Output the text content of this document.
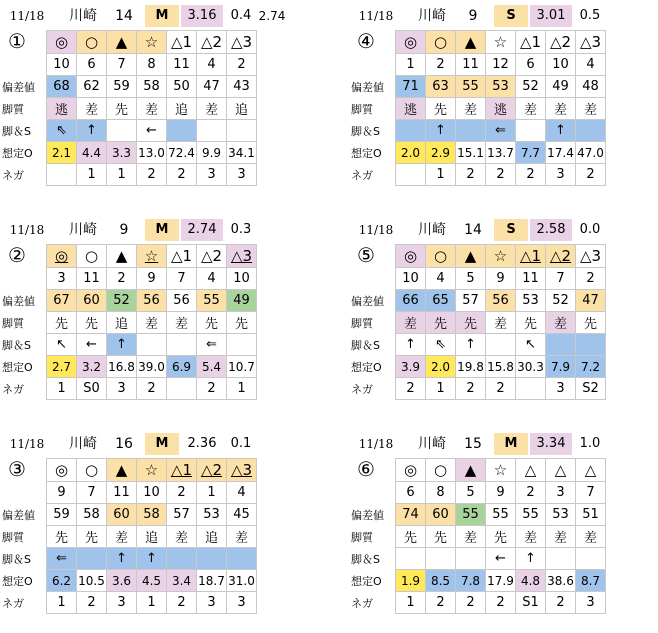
11/18	川崎	14	M	3.16	0.4 2.74
①
	◎	○	▲	☆	△1	△2	△3
	10	6	7	8	11	4	2
偏差値	68	62	59	58	50	47	43
脚質	逃	差	先	差	追	差	追
脚＆S	⇖	↑		←			
想定O	2.1	4.4	3.3	13.0	72.4	9.9	34.1
ネガ		1	1	2	2	3	3
11/18	川崎	9	S	3.01	0.5
④
	◎	○	▲	☆	△1	△2	△3
	1	2	11	12	6	10	4
偏差値	71	63	55	53	52	49	48
脚質	逃	先	差	逃	差	差	差
脚＆S		↑		⇐		↑	
想定O	2.0	2.9	15.1	13.7	7.7	17.4	47.0
ネガ		1	2	2	2	3	2
11/18	川崎	9	M	2.74	0.3
②
	◎	○	▲	☆	△1	△2	△3
	3	11	2	9	7	4	10
偏差値	67	60	52	56	56	55	49
脚質	先	先	追	差	差	先	先
脚＆S	↖	←	↑			⇐	
想定O	2.7	3.2	16.8	39.0	6.9	5.4	10.7
ネガ	1	S0	3	2		2	1
11/18	川崎	14	S	2.58	0.0
⑤
	◎	○	▲	☆	△1	△2	△3
	10	4	5	9	11	7	2
偏差値	66	65	57	56	53	52	47
脚質	差	先	先	差	先	差	先
脚＆S	↑	⇖	↑		↖		
想定O	3.9	2.0	19.8	15.8	30.3	7.9	7.2
ネガ	2	1	2	2		3	S2
11/18	川崎	16	M	2.36	0.1
③
	◎	○	▲	☆	△1	△2	△3
	9	7	11	10	2	1	4
偏差値	59	58	60	58	57	53	45
脚質	先	先	差	追	差	追	差
脚＆S	⇐		↑	↑			
想定O	6.2	10.5	3.6	4.5	3.4	18.7	31.0
ネガ	1	2	3	1	2	3	3
11/18	川崎	15	M	3.34	1.0
⑥
	◎	○	▲	☆	△	△	△
	6	8	5	9	2	3	7
偏差値	74	60	55	55	55	53	51
脚質	先	先	差	先	差	差	差
脚＆S				←	↑		
想定O	1.9	8.5	7.8	17.9	4.8	38.6	8.7
ネガ	1	2	2	2	S1	2	3
